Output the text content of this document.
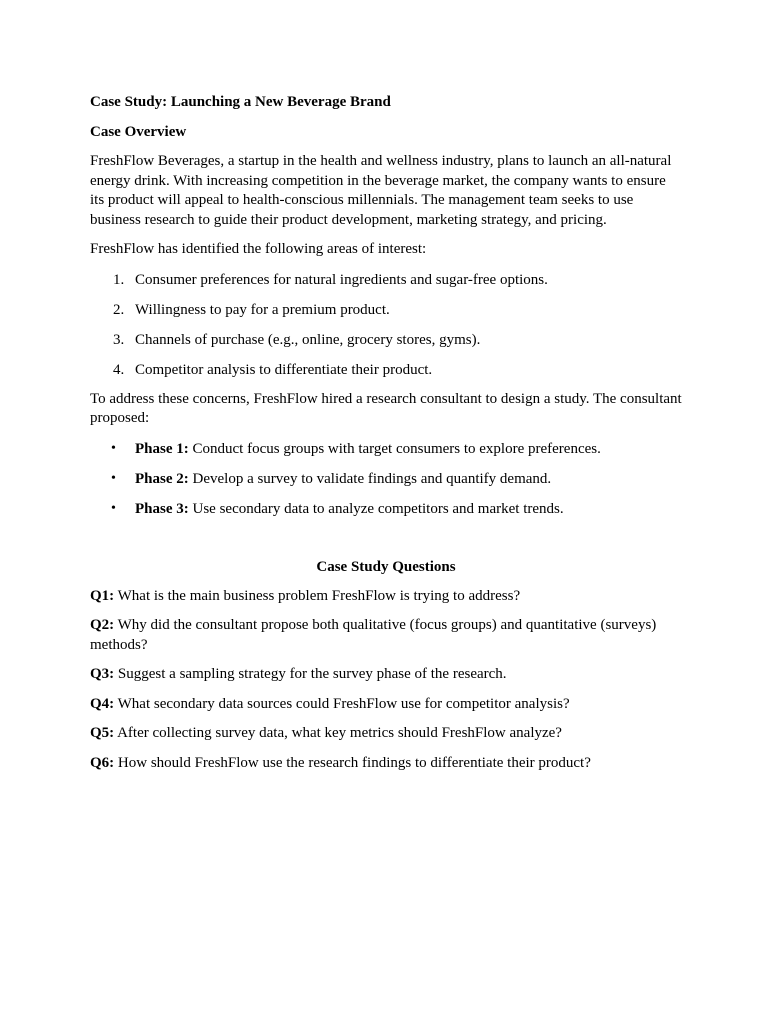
Case Study: Launching a New Beverage Brand
Case Overview

FreshFlow Beverages, a startup in the health and wellness industry, plans to launch an all-natural energy drink. With increasing competition in the beverage market, the company wants to ensure its product will appeal to health-conscious millennials. The management team seeks to use business research to guide their product development, marketing strategy, and pricing.

FreshFlow has identified the following areas of interest:

1. Consumer preferences for natural ingredients and sugar-free options.
2. Willingness to pay for a premium product.
3. Channels of purchase (e.g., online, grocery stores, gyms).
4. Competitor analysis to differentiate their product.

To address these concerns, FreshFlow hired a research consultant to design a study. The consultant proposed:

• Phase 1: Conduct focus groups with target consumers to explore preferences.
• Phase 2: Develop a survey to validate findings and quantify demand.
• Phase 3: Use secondary data to analyze competitors and market trends.
Case Study Questions

Q1: What is the main business problem FreshFlow is trying to address?

Q2: Why did the consultant propose both qualitative (focus groups) and quantitative (surveys) methods?

Q3: Suggest a sampling strategy for the survey phase of the research.

Q4: What secondary data sources could FreshFlow use for competitor analysis?

Q5: After collecting survey data, what key metrics should FreshFlow analyze?

Q6: How should FreshFlow use the research findings to differentiate their product?
